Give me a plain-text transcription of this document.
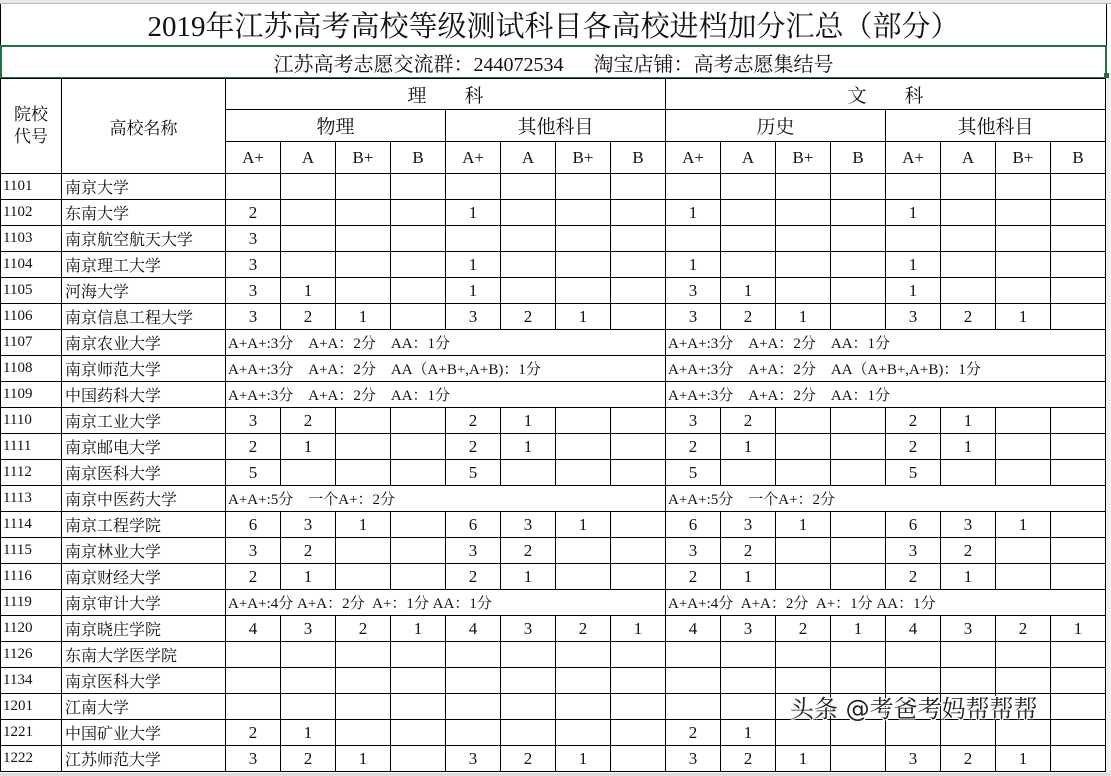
2019年江苏高考高校等级测试科目各高校进档加分汇总（部分）
江苏高考志愿交流群：244072534      淘宝店铺：高考志愿集结号
院校
代号	高校名称	理　　科								文　　科							
		物理				其他科目				历史				其他科目			
		A+	A	B+	B	A+	A	B+	B	A+	A	B+	B	A+	A	B+	B
1101	南京大学																
1102	东南大学	2				1				1				1			
1103	南京航空航天大学	3															
1104	南京理工大学	3				1				1				1			
1105	河海大学	3	1			1				3	1			1			
1106	南京信息工程大学	3	2	1		3	2	1		3	2	1		3	2	1	
1107	南京农业大学	A+A+:3分    A+A：2分    AA：1分								A+A+:3分    A+A：2分    AA：1分							
1108	南京师范大学	A+A+:3分    A+A：2分    AA（A+B+,A+B)：1分								A+A+:3分    A+A：2分    AA（A+B+,A+B)：1分							
1109	中国药科大学	A+A+:3分    A+A：2分    AA：1分								A+A+:3分    A+A：2分    AA：1分							
1110	南京工业大学	3	2			2	1			3	2			2	1		
1111	南京邮电大学	2	1			2	1			2	1			2	1		
1112	南京医科大学	5				5				5				5			
1113	南京中医药大学	A+A+:5分    一个A+：2分								A+A+:5分    一个A+：2分							
1114	南京工程学院	6	3	1		6	3	1		6	3	1		6	3	1	
1115	南京林业大学	3	2			3	2			3	2			3	2		
1116	南京财经大学	2	1			2	1			2	1			2	1		
1119	南京审计大学	A+A+:4分 A+A：2分  A+：1分 AA：1分								A+A+:4分  A+A：2分  A+：1分 AA：1分							
1120	南京晓庄学院	4	3	2	1	4	3	2	1	4	3	2	1	4	3	2	1
1126	东南大学医学院																
1134	南京医科大学																
1201	江南大学																
1221	中国矿业大学	2	1							2	1						
1222	江苏师范大学	3	2	1		3	2	1		3	2	1		3	2	1	
头条 @考爸考妈帮帮帮
